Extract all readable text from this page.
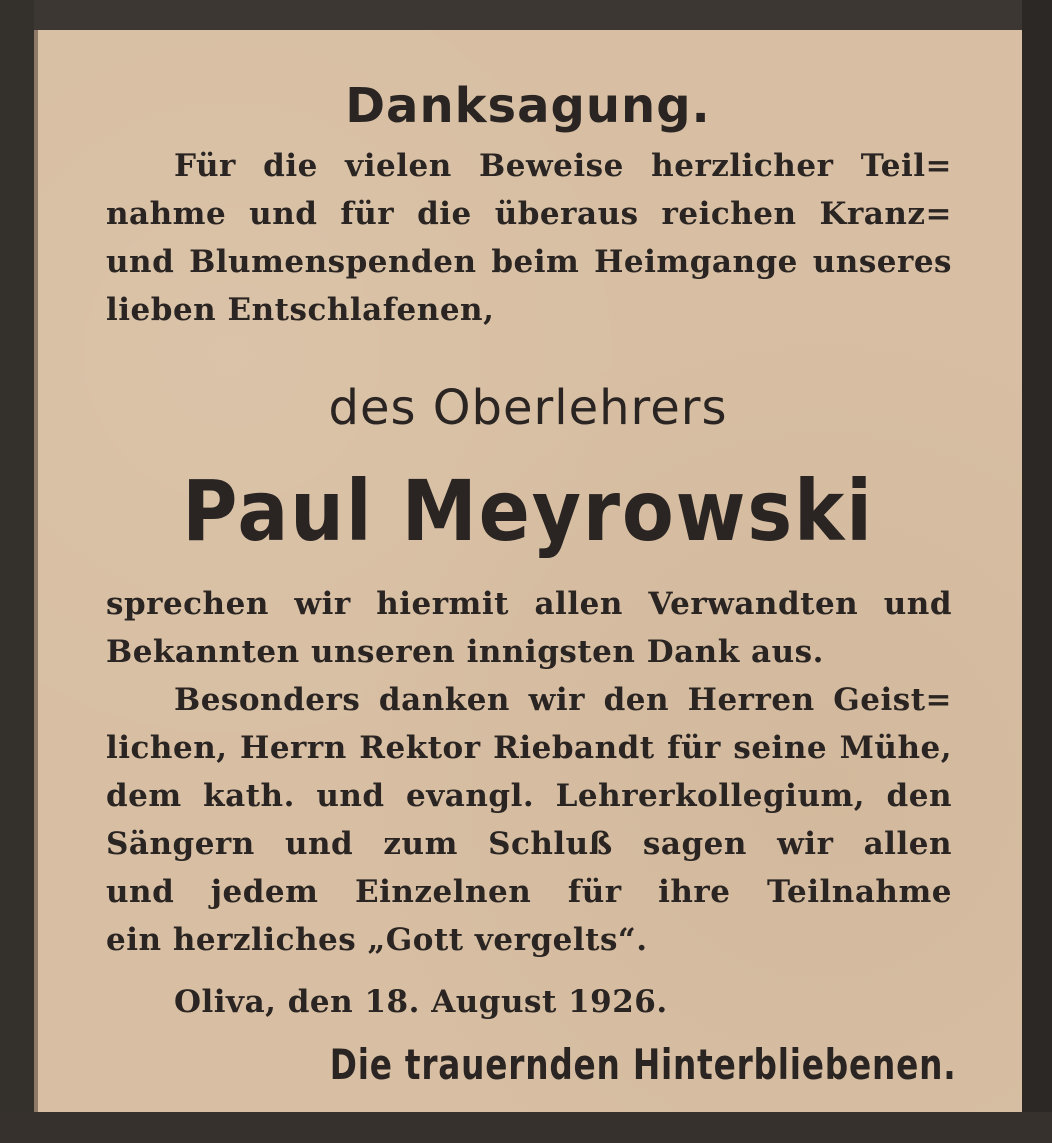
Danksagung.
Für die vielen Beweise herzlicher Teil=
nahme und für die überaus reichen Kranz=
und Blumenspenden beim Heimgange unseres
lieben Entschlafenen,
des Oberlehrers
Paul Meyrowski
sprechen wir hiermit allen Verwandten und
Bekannten unseren innigsten Dank aus.
Besonders danken wir den Herren Geist=
lichen, Herrn Rektor Riebandt für seine Mühe,
dem kath. und evangl. Lehrerkollegium, den
Sängern und zum Schluß sagen wir allen
und jedem Einzelnen für ihre Teilnahme
ein herzliches „Gott vergelts“.
Oliva, den 18. August 1926.
Die trauernden Hinterbliebenen.
